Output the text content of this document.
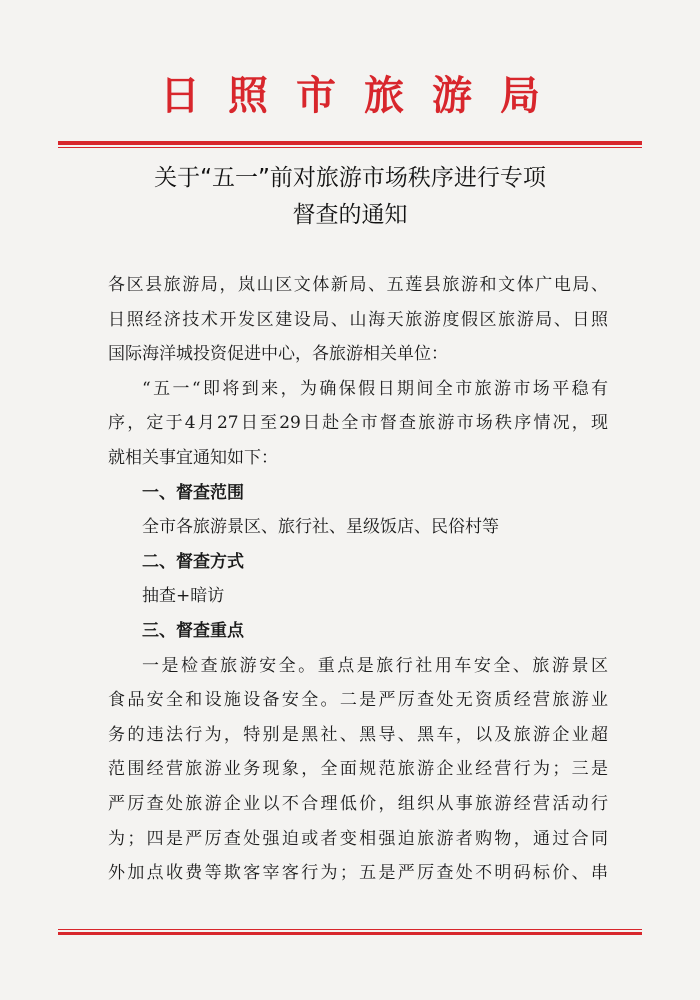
日照市旅游局
关于“五一”前对旅游市场秩序进行专项
督查的通知
各区县旅游局，岚山区文体新局、五莲县旅游和文体广电局、
日照经济技术开发区建设局、山海天旅游度假区旅游局、日照
国际海洋城投资促进中心，各旅游相关单位：
“五一“即将到来，为确保假日期间全市旅游市场平稳有
序，定于4月27日至29日赴全市督查旅游市场秩序情况，现
就相关事宜通知如下：
一、督查范围
全市各旅游景区、旅行社、星级饭店、民俗村等
二、督查方式
抽查+暗访
三、督查重点
一是检查旅游安全。重点是旅行社用车安全、旅游景区
食品安全和设施设备安全。二是严厉查处无资质经营旅游业
务的违法行为，特别是黑社、黑导、黑车，以及旅游企业超
范围经营旅游业务现象，全面规范旅游企业经营行为；三是
严厉查处旅游企业以不合理低价，组织从事旅游经营活动行
为；四是严厉查处强迫或者变相强迫旅游者购物，通过合同
外加点收费等欺客宰客行为；五是严厉查处不明码标价、串
